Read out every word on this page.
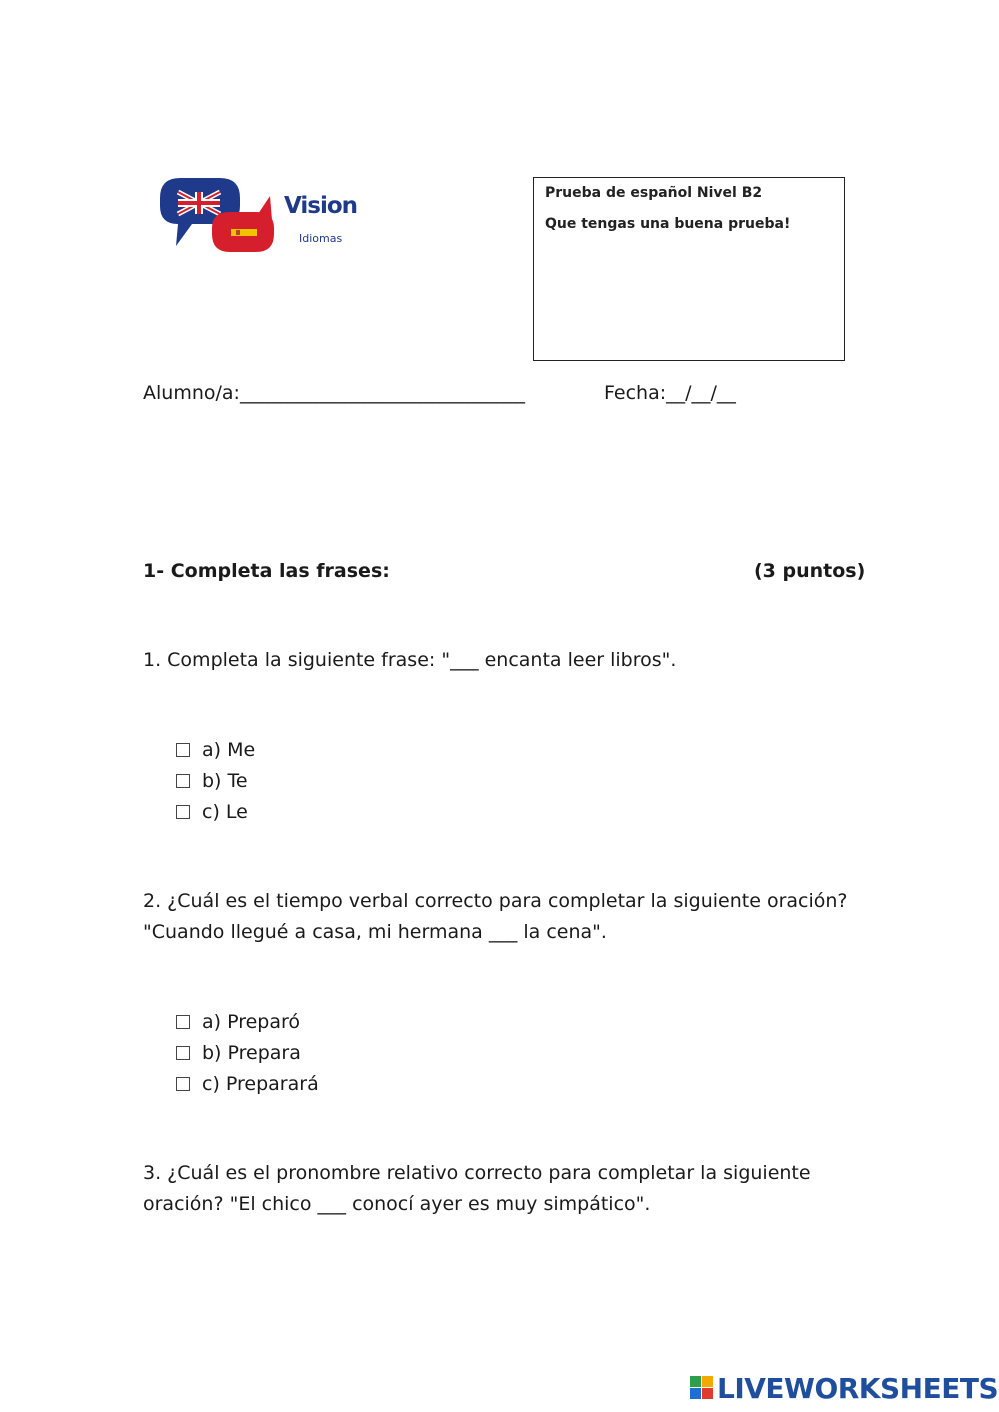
Vision
Idiomas
Prueba de español Nivel B2
Que tengas una buena prueba!
Alumno/a:______________________________	Fecha:__/__/__
1- Completa las frases:	(3 puntos)
1. Completa la siguiente frase: "___ encanta leer libros".
a) Me
b) Te
c) Le
2. ¿Cuál es el tiempo verbal correcto para completar la siguiente oración?
"Cuando llegué a casa, mi hermana ___ la cena".
a) Preparó
b) Prepara
c) Preparará
3. ¿Cuál es el pronombre relativo correcto para completar la siguiente
oración? "El chico ___ conocí ayer es muy simpático".
LIVEWORKSHEETS
